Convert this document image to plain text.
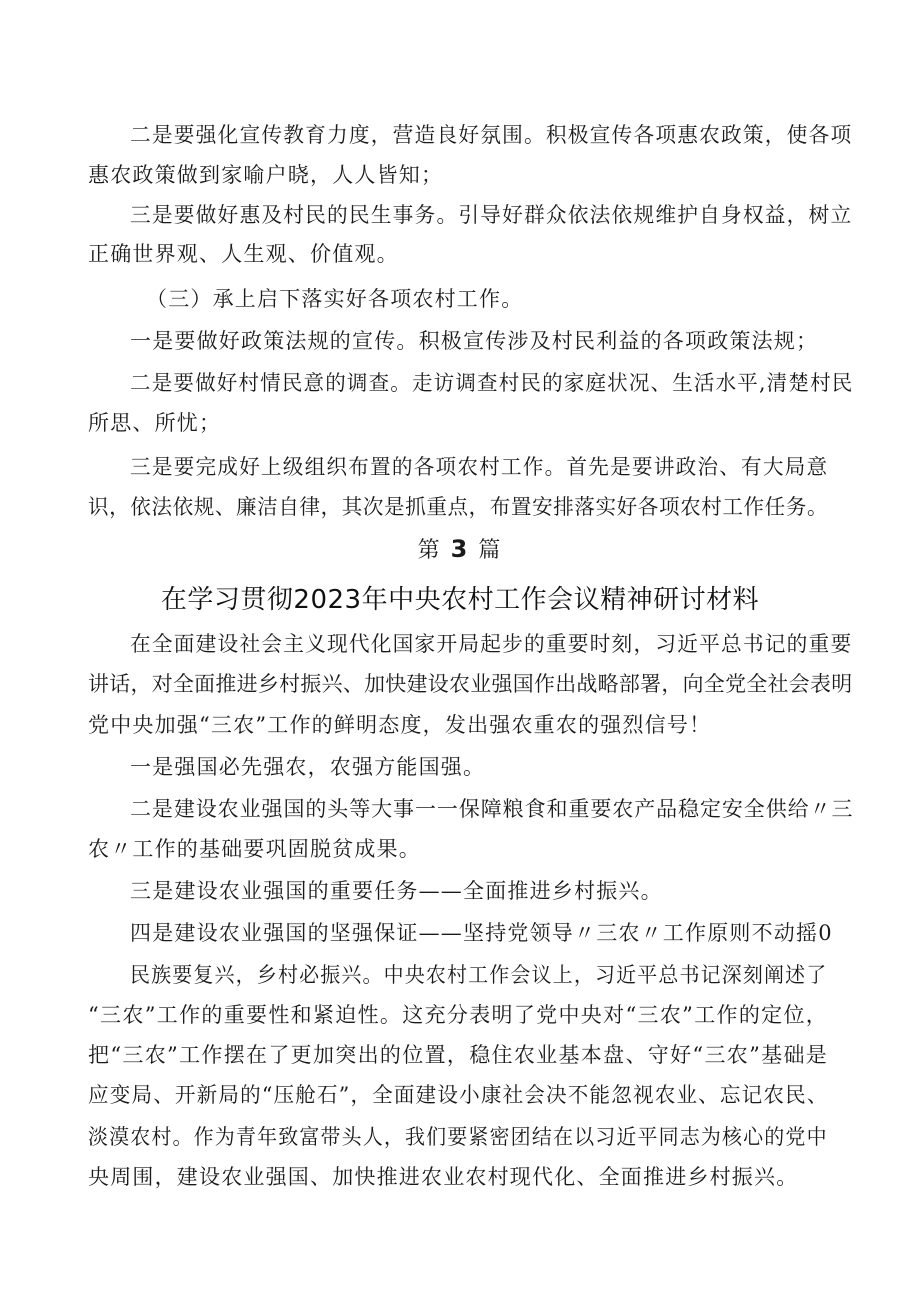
二是要强化宣传教育力度，营造良好氛围。积极宣传各项惠农政策，使各项
惠农政策做到家喻户晓，人人皆知；
三是要做好惠及村民的民生事务。引导好群众依法依规维护自身权益，树立
正确世界观、人生观、价值观。
（三）承上启下落实好各项农村工作。
一是要做好政策法规的宣传。积极宣传涉及村民利益的各项政策法规；
二是要做好村情民意的调查。走访调查村民的家庭状况、生活水平,清楚村民
所思、所忧；
三是要完成好上级组织布置的各项农村工作。首先是要讲政治、有大局意
识，依法依规、廉洁自律，其次是抓重点，布置安排落实好各项农村工作任务。
第 3 篇
在学习贯彻2023年中央农村工作会议精神研讨材料
在全面建设社会主义现代化国家开局起步的重要时刻，习近平总书记的重要
讲话，对全面推进乡村振兴、加快建设农业强国作出战略部署，向全党全社会表明
党中央加强“三农”工作的鲜明态度，发出强农重农的强烈信号！
一是强国必先强农，农强方能国强。
二是建设农业强国的头等大事一一保障粮食和重要农产品稳定安全供给〃三
农〃工作的基础要巩固脱贫成果。
三是建设农业强国的重要任务——全面推进乡村振兴。
四是建设农业强国的坚强保证——坚持党领导〃三农〃工作原则不动摇0
民族要复兴，乡村必振兴。中央农村工作会议上，习近平总书记深刻阐述了
“三农”工作的重要性和紧迫性。这充分表明了党中央对“三农”工作的定位，
把“三农”工作摆在了更加突出的位置，稳住农业基本盘、守好“三农”基础是
应变局、开新局的“压舱石”，全面建设小康社会决不能忽视农业、忘记农民、
淡漠农村。作为青年致富带头人，我们要紧密团结在以习近平同志为核心的党中
央周围，建设农业强国、加快推进农业农村现代化、全面推进乡村振兴。
